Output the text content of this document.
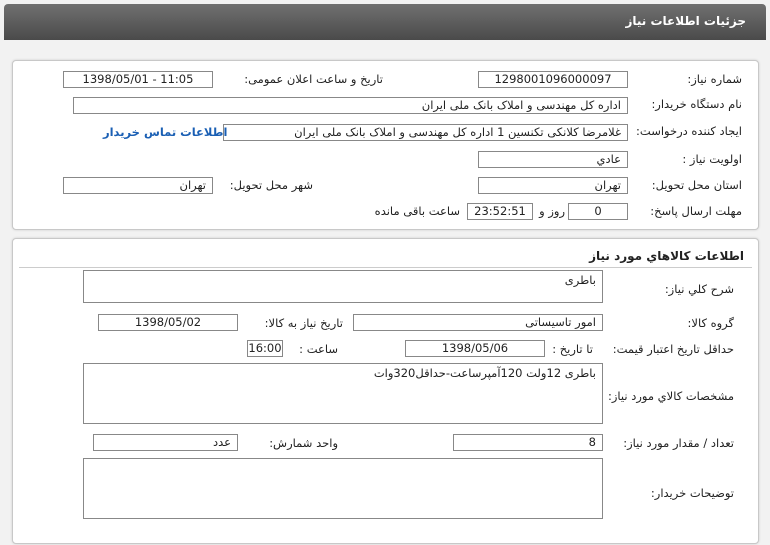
جزئيات اطلاعات نياز
شماره نياز:
1298001096000097
تاريخ و ساعت اعلان عمومی:
1398/05/01 - 11:05
نام دستگاه خريدار:
اداره کل مهندسی و املاک بانک ملی ایران
ايجاد کننده درخواست:
غلامرضا کلانکی تکنسین 1 اداره کل مهندسی و املاک بانک ملی ایران
اطلاعات تماس خريدار
اولويت نياز :
عادي
استان محل تحويل:
تهران
شهر محل تحويل:
تهران
مهلت ارسال پاسخ:
0
روز و
23:52:51
ساعت باقی مانده
اطلاعات کالاهاي مورد نياز
شرح کلي نياز:
باطری
گروه کالا:
امور تاسیساتی
تاريخ نياز به کالا:
1398/05/02
حداقل تاريخ اعتبار قيمت:
تا تاريخ :
1398/05/06
ساعت :
16:00
مشخصات کالاي مورد نياز:
باطری 12ولت 120آمپرساعت-حداقل320وات
تعداد / مقدار مورد نياز:
8
واحد شمارش:
عدد
توضيحات خريدار:
